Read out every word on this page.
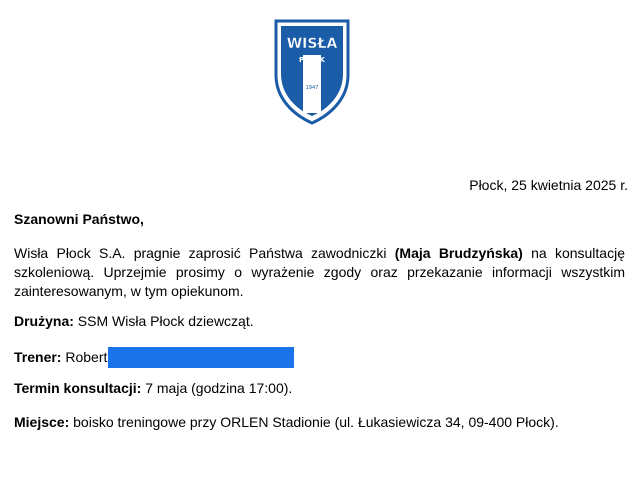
WISŁA
PŁOCK
1947
Płock, 25 kwietnia 2025 r.
Szanowni Państwo,

Wisła Płock S.A. pragnie zaprosić Państwa zawodniczki (Maja Brudzyńska) na konsultację szkoleniową. Uprzejmie prosimy o wyrażenie zgody oraz przekazanie informacji wszystkim zainteresowanym, w tym opiekunom.

Drużyna: SSM Wisła Płock dziewcząt.
Trener: Robert
Termin konsultacji: 7 maja (godzina 17:00).
Miejsce: boisko treningowe przy ORLEN Stadionie (ul. Łukasiewicza 34, 09-400 Płock).
